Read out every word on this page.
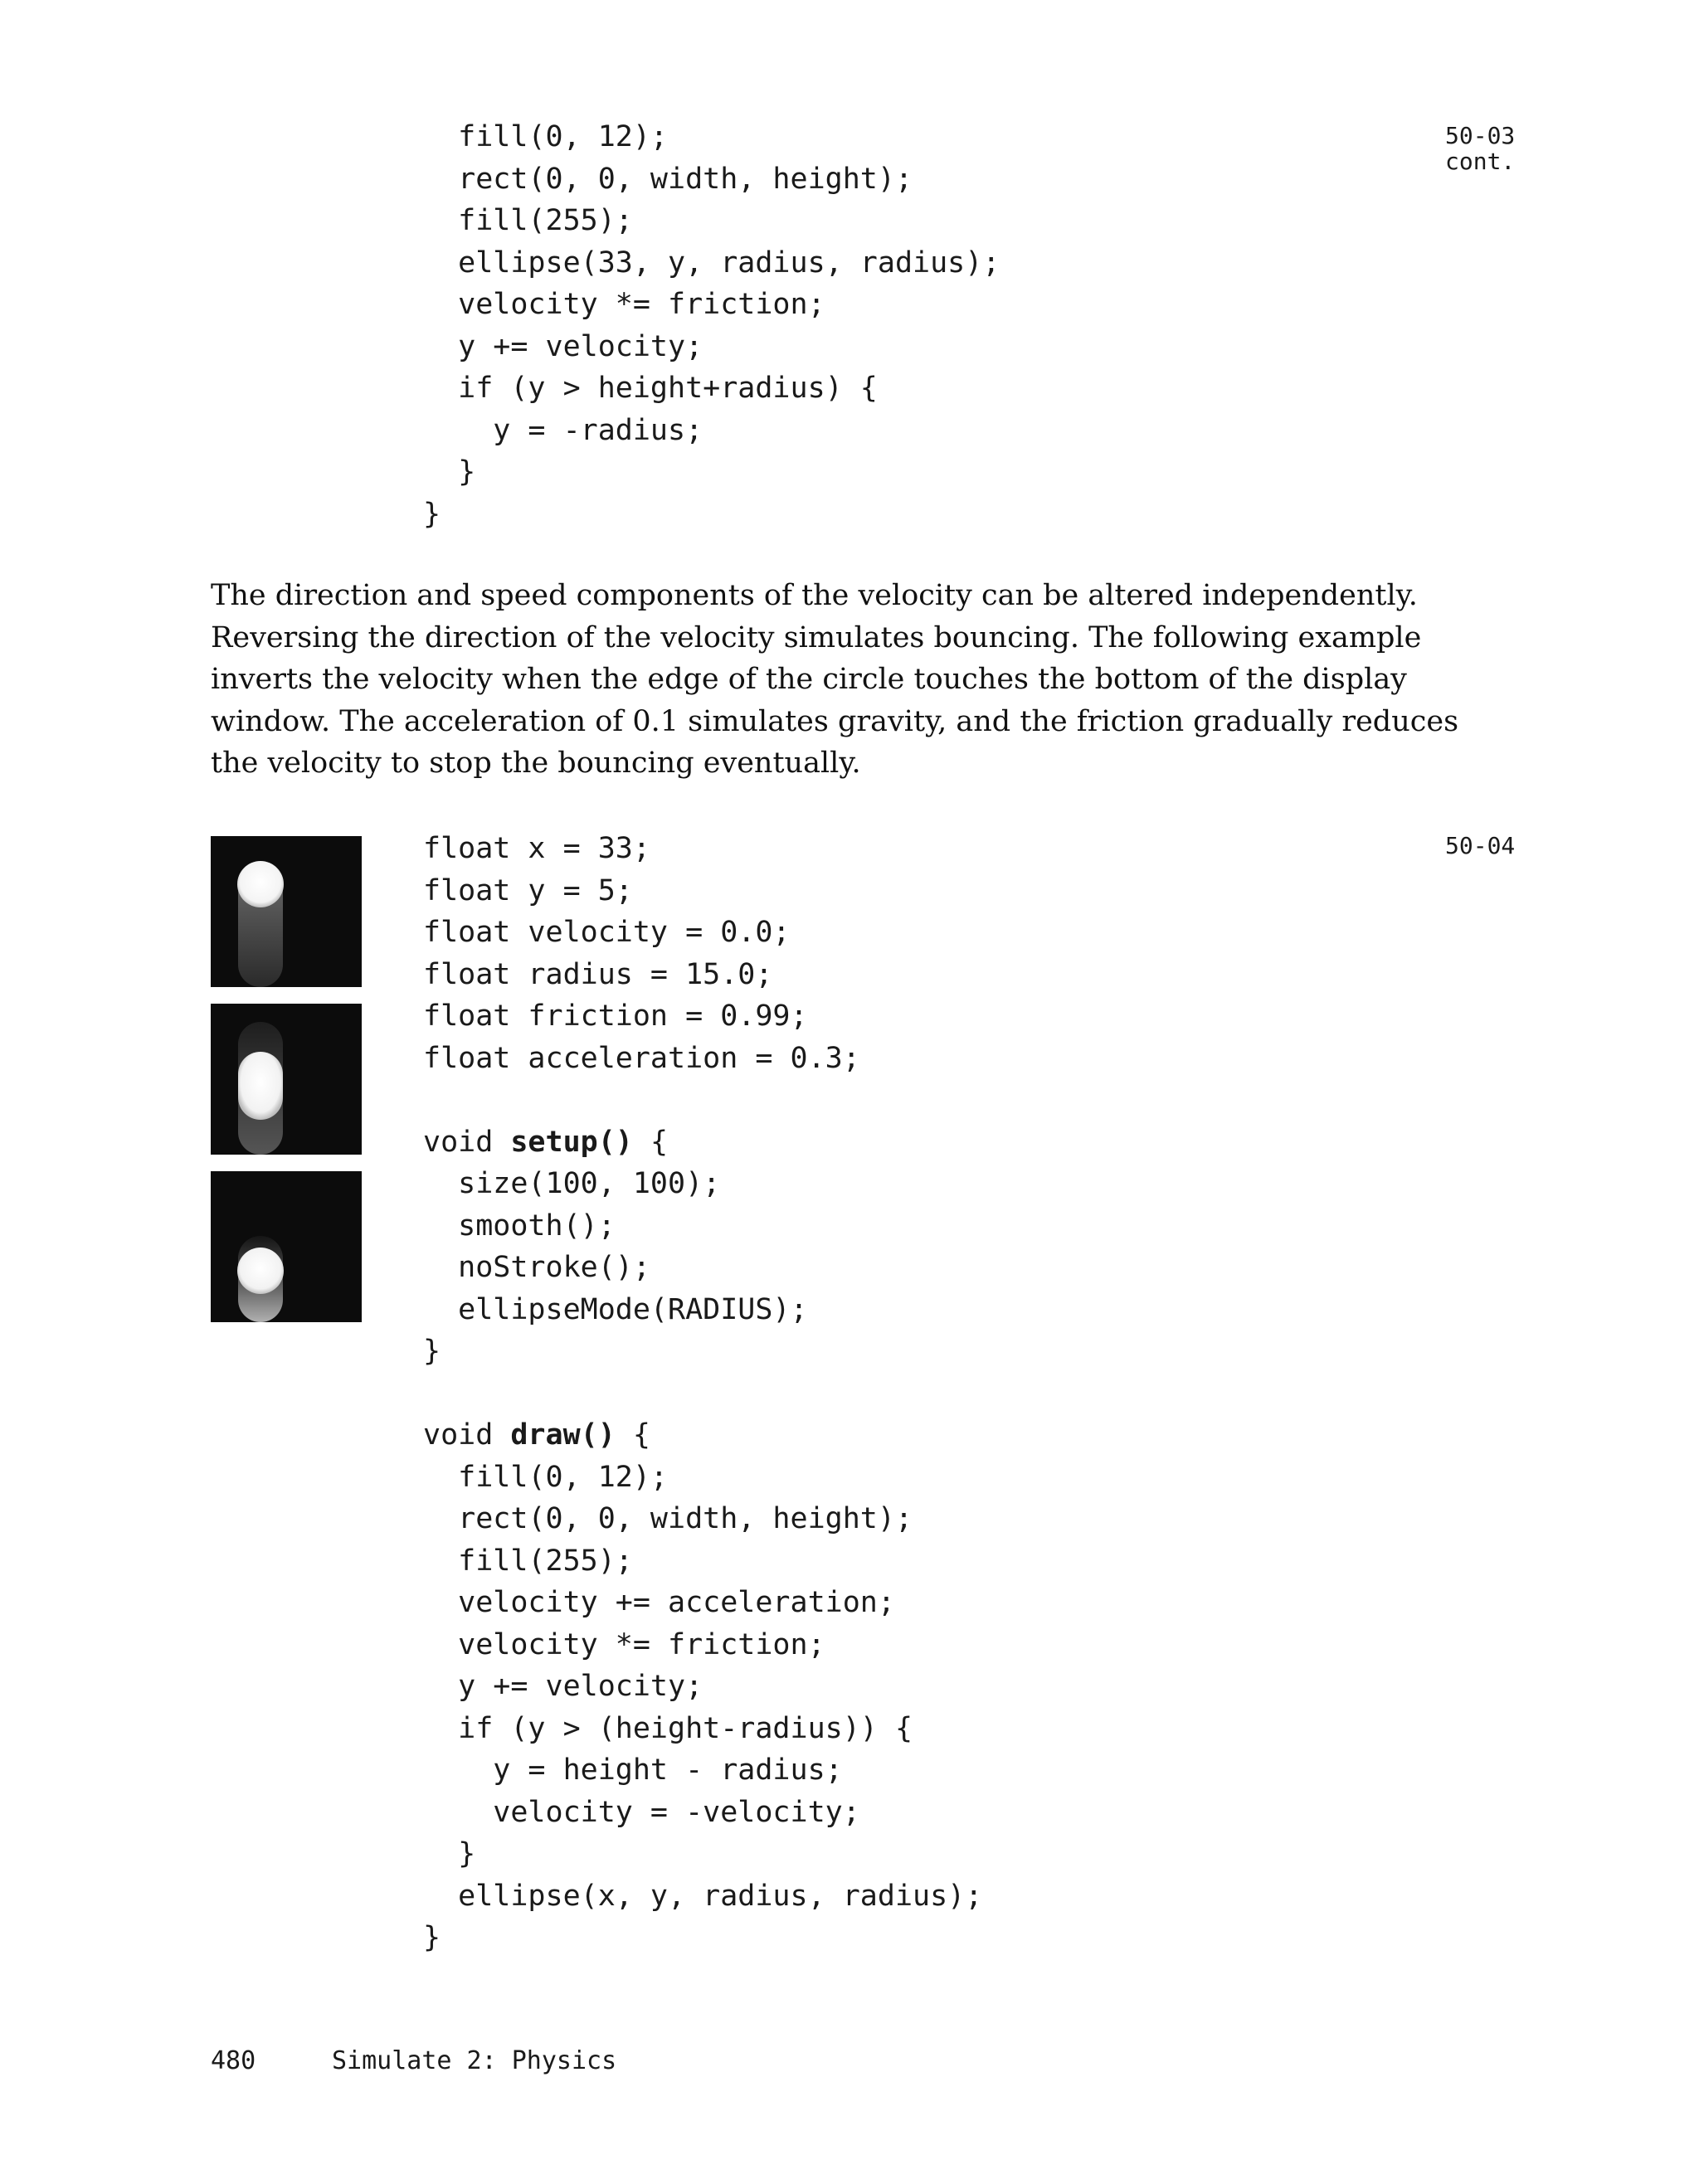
fill(0, 12);
rect(0, 0, width, height);
fill(255);
ellipse(33, y, radius, radius);
velocity *= friction;
y += velocity;
if (y > height+radius) {
y = -radius;
}
}
50-03
cont.
The direction and speed components of the velocity can be altered independently.
Reversing the direction of the velocity simulates bouncing. The following example
inverts the velocity when the edge of the circle touches the bottom of the display
window. The acceleration of 0.1 simulates gravity, and the friction gradually reduces
the velocity to stop the bouncing eventually.
float x = 33;
float y = 5;
float velocity = 0.0;
float radius = 15.0;
float friction = 0.99;
float acceleration = 0.3;
void setup() {
size(100, 100);
smooth();
noStroke();
ellipseMode(RADIUS);
}
void draw() {
fill(0, 12);
rect(0, 0, width, height);
fill(255);
velocity += acceleration;
velocity *= friction;
y += velocity;
if (y > (height-radius)) {
y = height - radius;
velocity = -velocity;
}
ellipse(x, y, radius, radius);
}
50-04
480	Simulate 2: Physics
